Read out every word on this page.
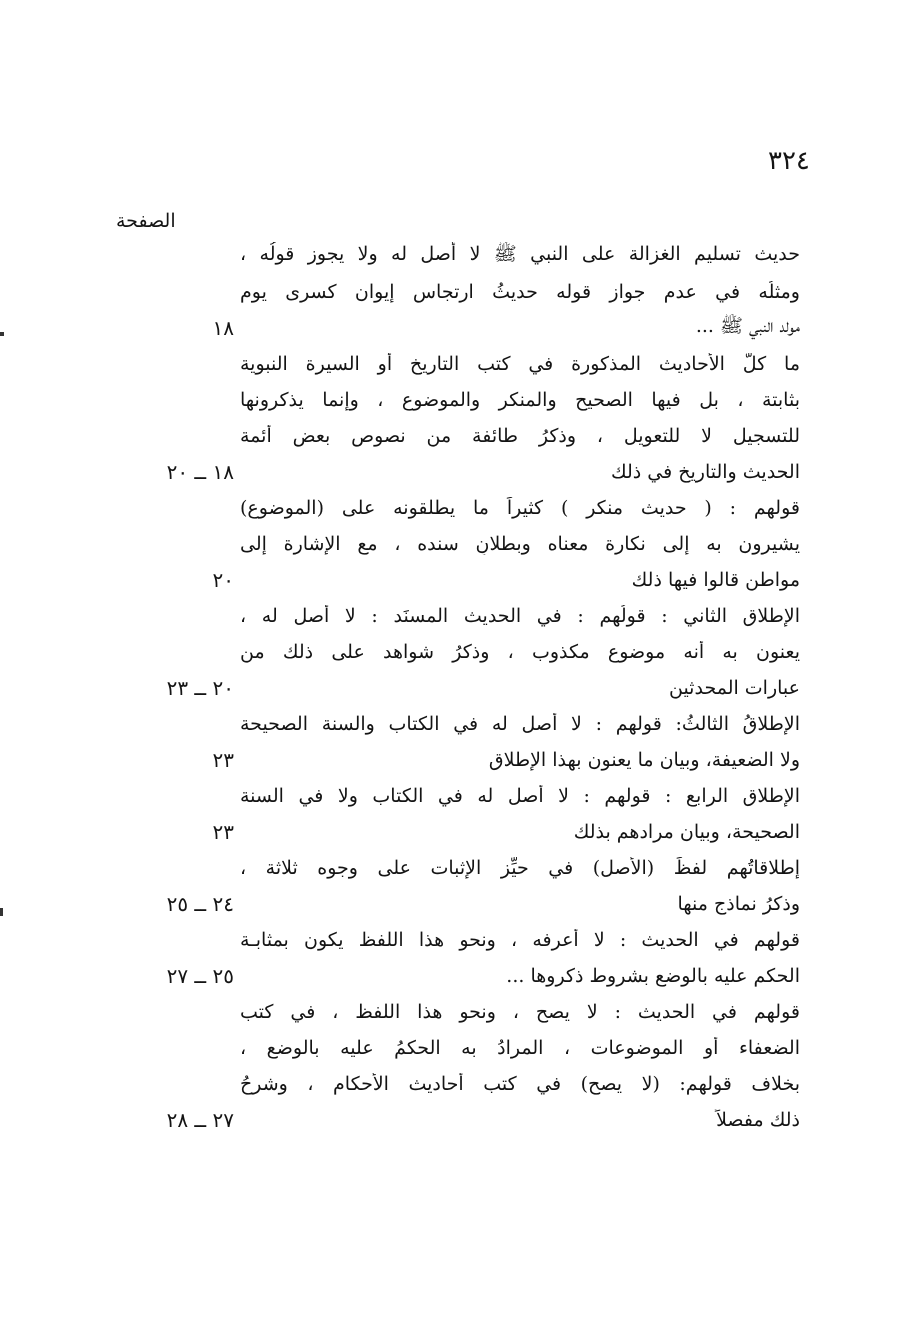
٣٢٤
الصفحة
حديث تسليم الغزالة على النبي ﷺ لا أصل له ولا يجوز قولُه ،
ومثلُه في عدم جواز قوله حديثُ ارتجاس إيوان كسرى يوم
مولد النبي ﷺ ...
١٨
ما كلُّ الأحاديث المذكورة في كتب التاريخ أو السيرة النبوية
بثابتة ، بل فيها الصحيح والمنكر والموضوع ، وإنما يذكرونها
للتسجيل لا للتعويل ، وذكرُ طائفة من نصوص بعض أئمة
الحديث والتاريخ في ذلك
١٨ ــ ٢٠
قولهم : ( حديث منكر ) كثيراً ما يطلقونه على (الموضوع)
يشيرون به إلى نكارة معناه وبطلانِ سنده ، مع الإشارة إلى
مواطن قالوا فيها ذلك
٢٠
الإطلاق الثاني : قولُهم : في الحديث المسنَد : لا أصل له ،
يعنون به أنه موضوع مكذوب ، وذكرُ شواهد على ذلك من
عبارات المحدثين
٢٠ ــ ٢٣
الإطلاقُ الثالثُ: قولهم : لا أصل له في الكتاب والسنة الصحيحة
ولا الضعيفة، وبيان ما يعنون بهذا الإطلاق
٢٣
الإطلاق الرابع : قولهم : لا أصل له في الكتاب ولا في السنة
الصحيحة، وبيان مرادهم بذلك
٢٣
إطلاقاتُهم لفظَ (الأصل) في حيِّز الإثبات على وجوه ثلاثة ،
وذكرُ نماذج منها
٢٤ ــ ٢٥
قولهم في الحديث : لا أعرفه ، ونحو هذا اللفظ يكون بمثابـة
الحكم عليه بالوضع بشروط ذكروها ...
٢٥ ــ ٢٧
قولهم في الحديث : لا يصح ، ونحو هذا اللفظ ، في كتب
الضعفاء أو الموضوعات ، المرادُ به الحكمُ عليه بالوضع ،
بخلاف قولهم: (لا يصح) في كتب أحاديث الأحكام ، وشرحُ
ذلك مفصلاً
٢٧ ــ ٢٨
